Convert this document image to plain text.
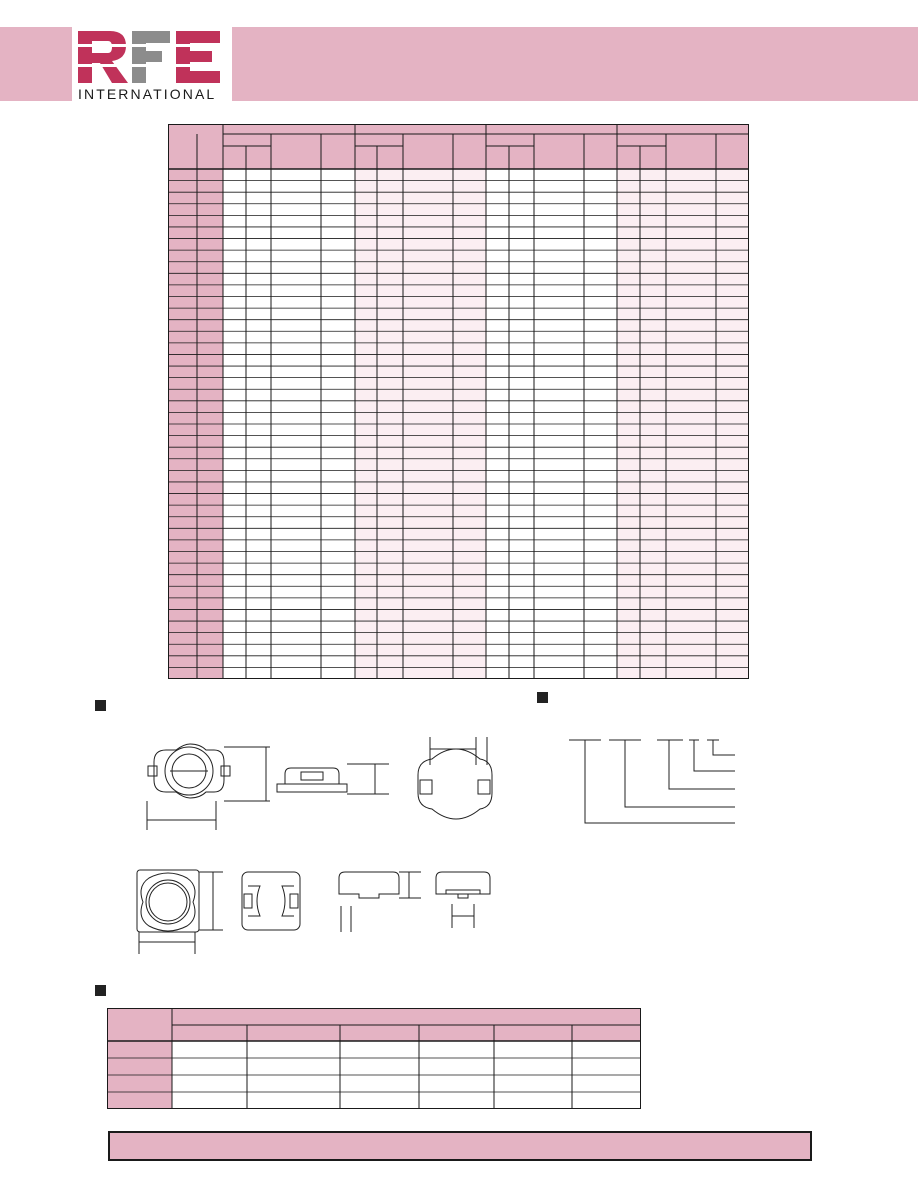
INTERNATIONAL
